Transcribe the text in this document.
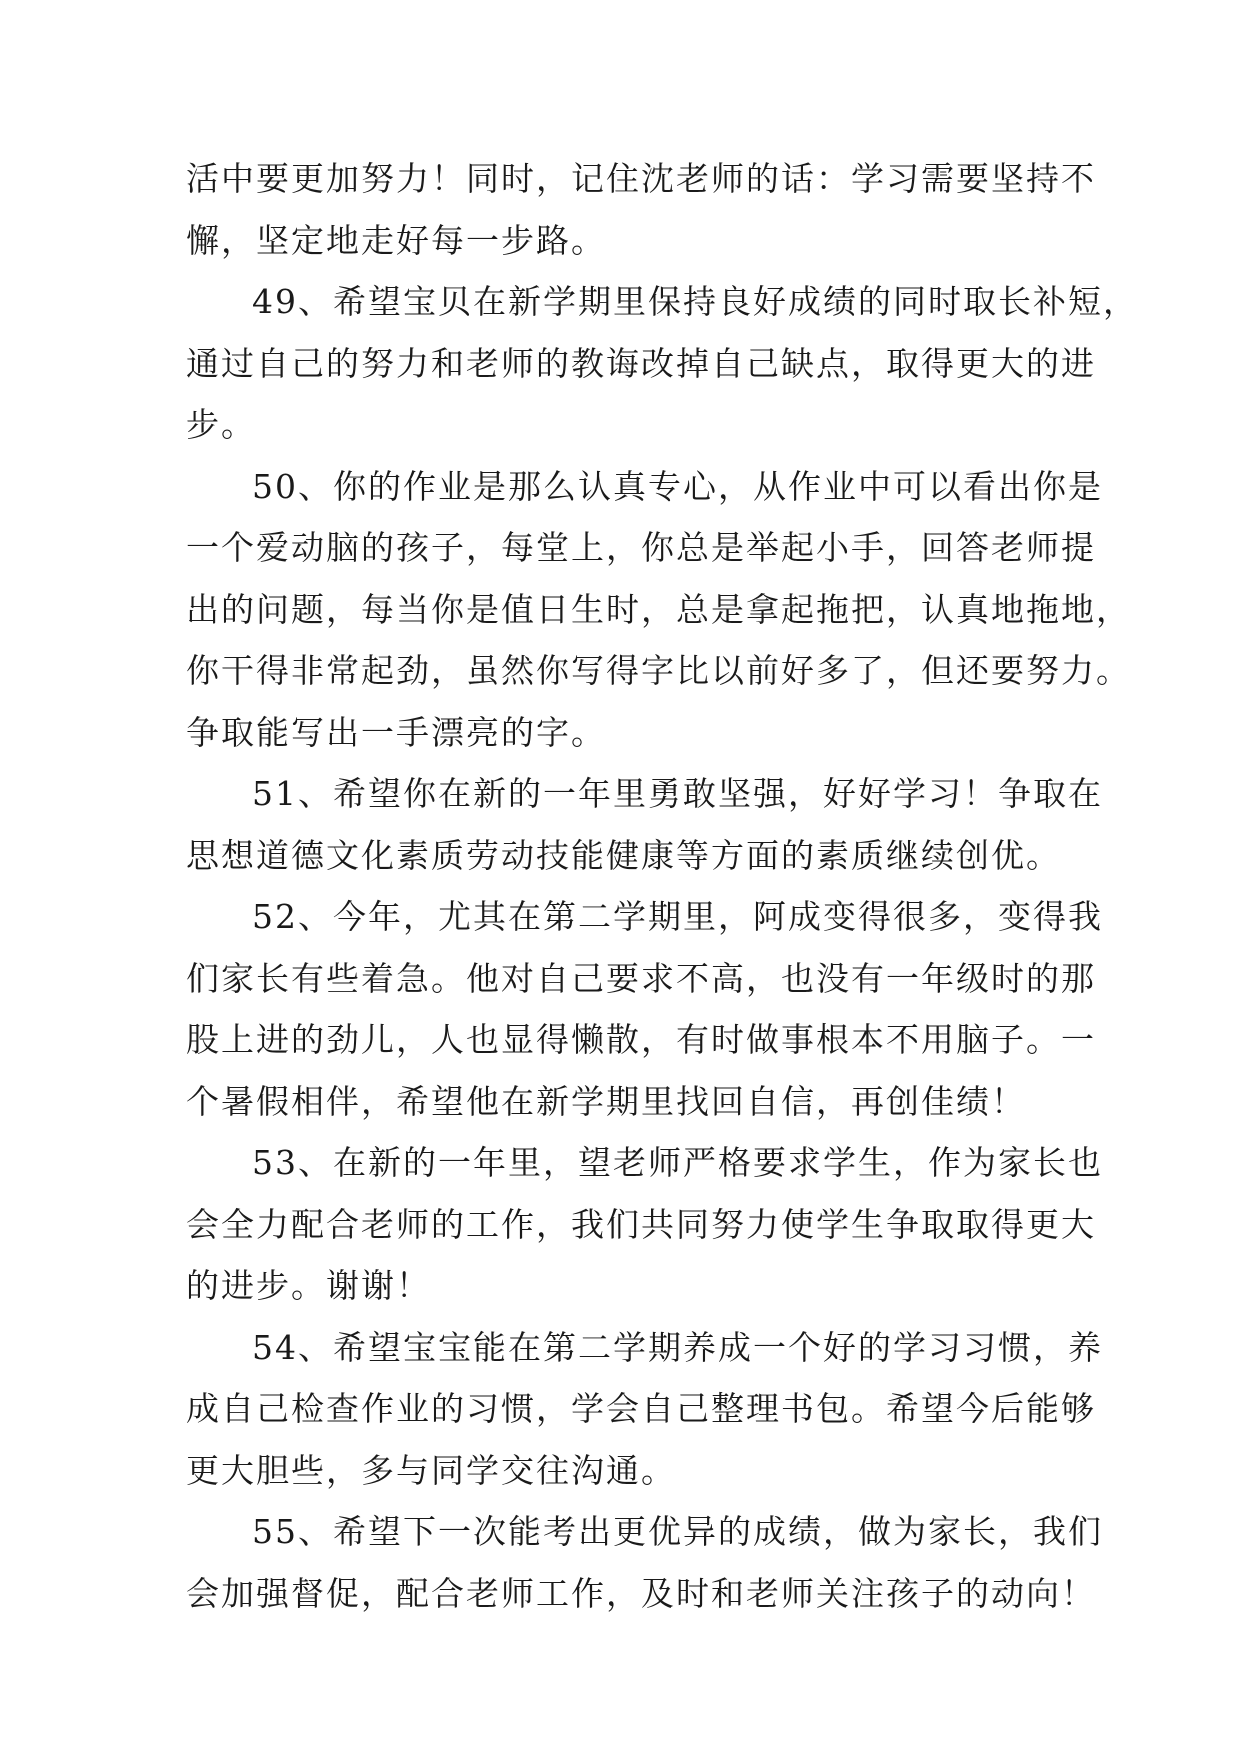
活中要更加努力！同时，记住沈老师的话：学习需要坚持不
懈，坚定地走好每一步路。
49、希望宝贝在新学期里保持良好成绩的同时取长补短，
通过自己的努力和老师的教诲改掉自己缺点，取得更大的进
步。
50、你的作业是那么认真专心，从作业中可以看出你是
一个爱动脑的孩子，每堂上，你总是举起小手，回答老师提
出的问题，每当你是值日生时，总是拿起拖把，认真地拖地，
你干得非常起劲，虽然你写得字比以前好多了，但还要努力。
争取能写出一手漂亮的字。
51、希望你在新的一年里勇敢坚强，好好学习！争取在
思想道德文化素质劳动技能健康等方面的素质继续创优。
52、今年，尤其在第二学期里，阿成变得很多，变得我
们家长有些着急。他对自己要求不高，也没有一年级时的那
股上进的劲儿，人也显得懒散，有时做事根本不用脑子。一
个暑假相伴，希望他在新学期里找回自信，再创佳绩！
53、在新的一年里，望老师严格要求学生，作为家长也
会全力配合老师的工作，我们共同努力使学生争取取得更大
的进步。谢谢！
54、希望宝宝能在第二学期养成一个好的学习习惯，养
成自己检查作业的习惯，学会自己整理书包。希望今后能够
更大胆些，多与同学交往沟通。
55、希望下一次能考出更优异的成绩，做为家长，我们
会加强督促，配合老师工作，及时和老师关注孩子的动向！
